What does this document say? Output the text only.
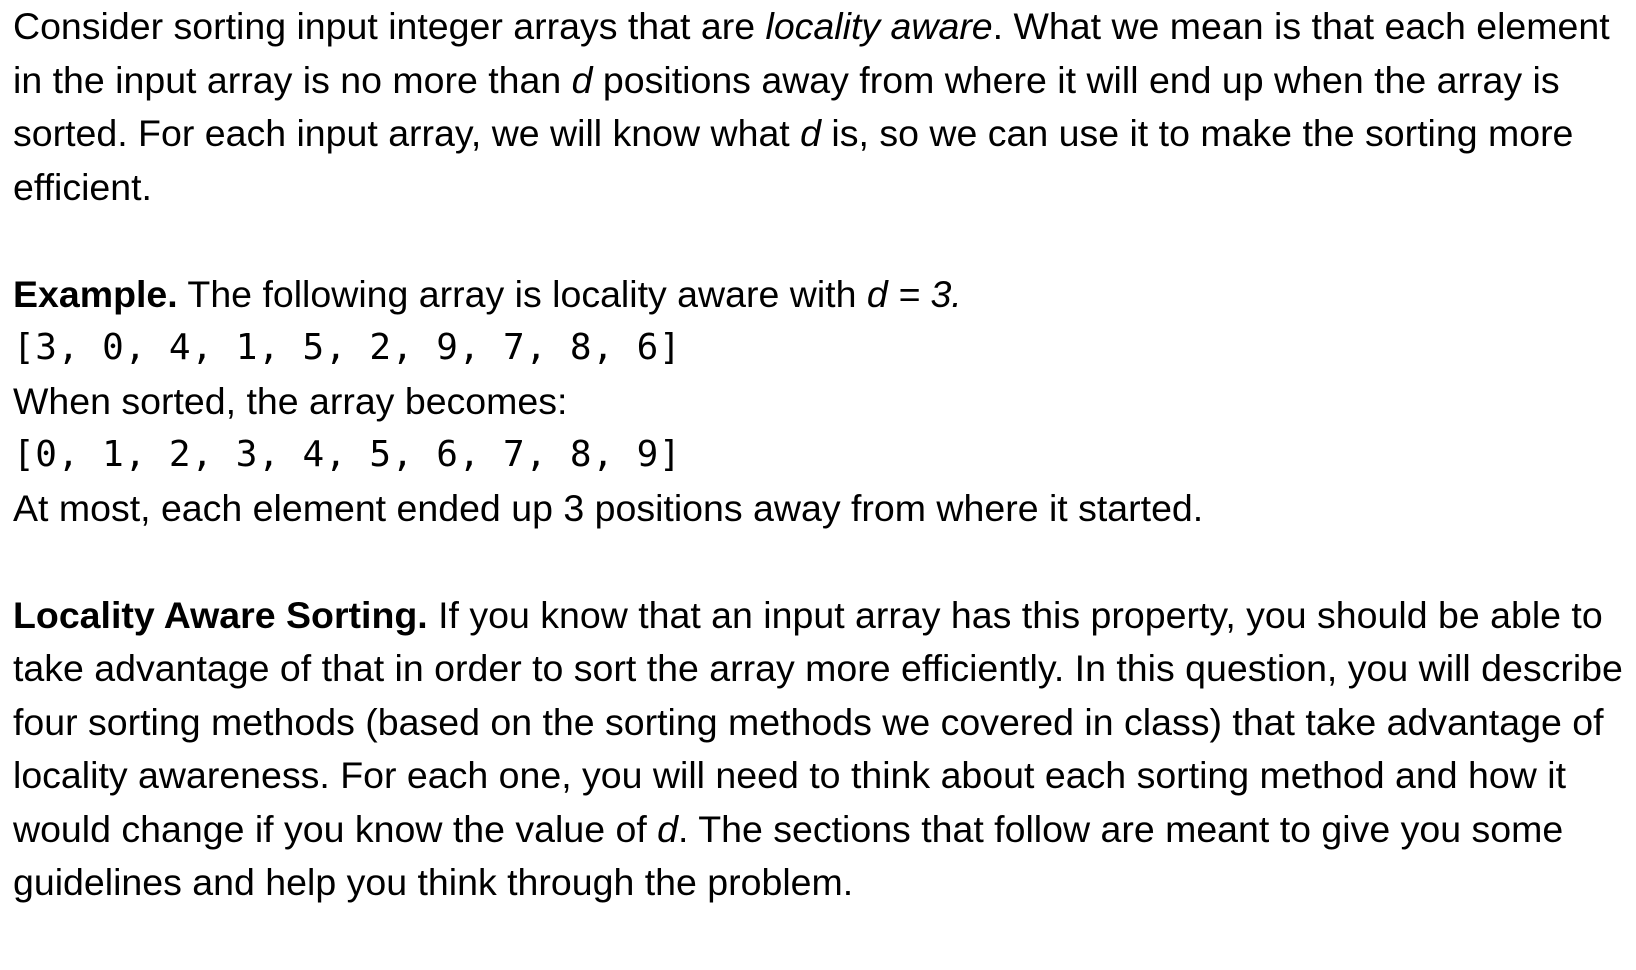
Consider sorting input integer arrays that are locality aware. What we mean is that each element in the input array is no more than d positions away from where it will end up when the array is sorted. For each input array, we will know what d is, so we can use it to make the sorting more efficient.

Example. The following array is locality aware with d = 3.

[3, 0, 4, 1, 5, 2, 9, 7, 8, 6]

When sorted, the array becomes:

[0, 1, 2, 3, 4, 5, 6, 7, 8, 9]

At most, each element ended up 3 positions away from where it started.

Locality Aware Sorting. If you know that an input array has this property, you should be able to take advantage of that in order to sort the array more efficiently. In this question, you will describe four sorting methods (based on the sorting methods we covered in class) that take advantage of locality awareness. For each one, you will need to think about each sorting method and how it would change if you know the value of d. The sections that follow are meant to give you some guidelines and help you think through the problem.
